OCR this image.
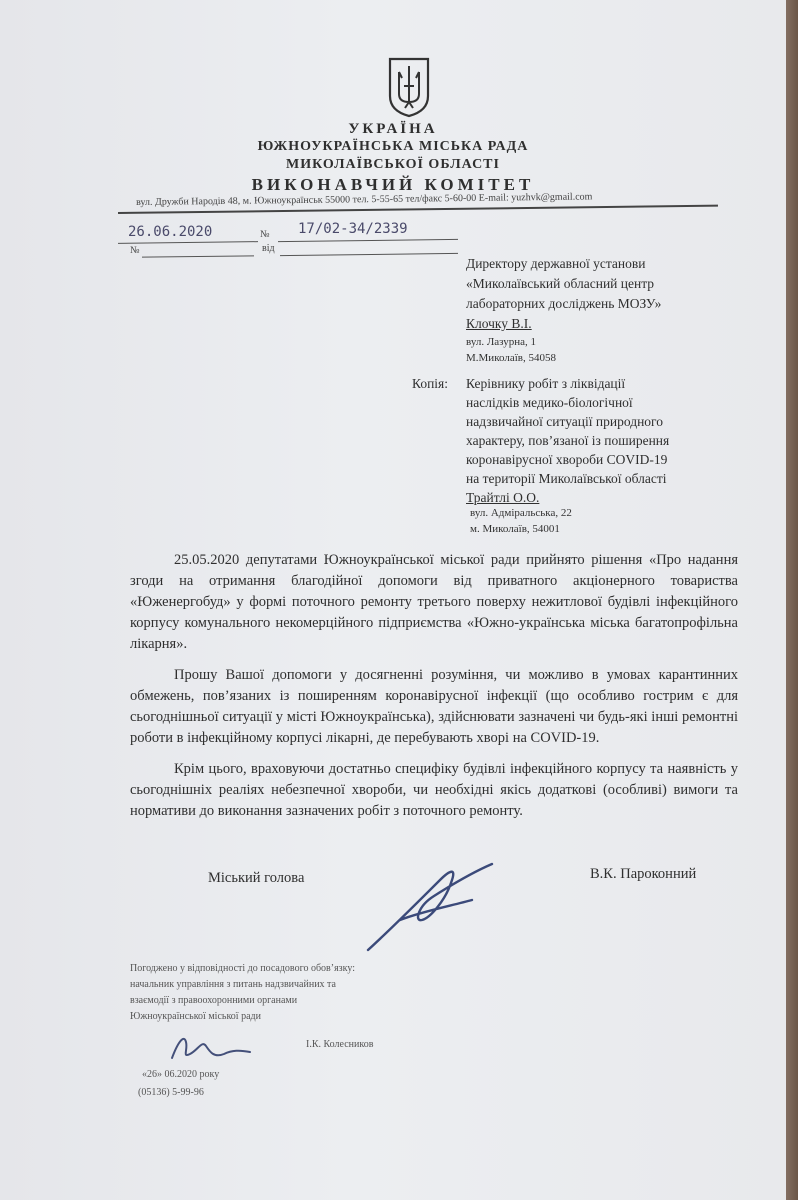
УКРАЇНА
ЮЖНОУКРАЇНСЬКА МІСЬКА РАДА
МИКОЛАЇВСЬКОЇ ОБЛАСТІ
ВИКОНАВЧИЙ КОМІТЕТ
вул. Дружби Народів 48, м. Южноукраїнськ 55000 тел. 5-55-65 тел/факс 5-60-00 E-mail: yuzhvk@gmail.com
26.06.2020	№ 17/02-34/2339
№	від
Директору державної установи
«Миколаївський обласний центр
лабораторних досліджень МОЗУ»
Клочку В.І.
вул. Лазурна, 1
М.Миколаїв, 54058
Копія: Керівнику робіт з ліквідації
наслідків медико-біологічної
надзвичайної ситуації природного
характеру, пов’язаної із поширення
коронавірусної хвороби COVID-19
на території Миколаївської області
Трайтлі О.О.
вул. Адміральська, 22
м. Миколаїв, 54001

25.05.2020 депутатами Южноукраїнської міської ради прийнято рішення «Про надання згоди на отримання благодійної допомоги від приватного акціонерного товариства «Юженергобуд» у формі поточного ремонту третього поверху нежитлової будівлі інфекційного корпусу комунального некомерційного підприємства «Южно-українська міська багатопрофільна лікарня».

Прошу Вашої допомоги у досягненні розуміння, чи можливо в умовах карантинних обмежень, пов’язаних із поширенням коронавірусної інфекції (що особливо гострим є для сьогоднішньої ситуації у місті Южноукраїнська), здійснювати зазначені чи будь-які інші ремонтні роботи в інфекційному корпусі лікарні, де перебувають хворі на COVID-19.

Крім цього, враховуючи достатньо специфіку будівлі інфекційного корпусу та наявність у сьогоднішніх реаліях небезпечної хвороби, чи необхідні якісь додаткові (особливі) вимоги та нормативи до виконання зазначених робіт з поточного ремонту.

Міський голова	В.К. Пароконний
Погоджено у відповідності до посадового обов’язку:
начальник управління з питань надзвичайних та
взаємодії з правоохоронними органами
Южноукраїнської міської ради
І.К. Колесников
«26» 06.2020 року
(05136) 5-99-96
